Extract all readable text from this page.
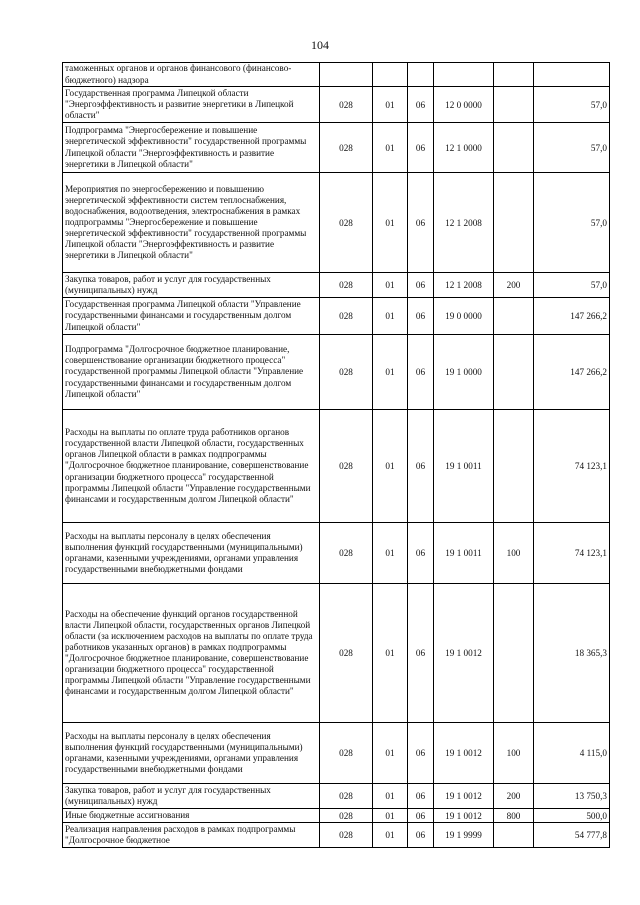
104
таможенных органов и органов финансового (финансово-бюджетного) надзора						
Государственная программа Липецкой области "Энергоэффективность и развитие энергетики в Липецкой области"	028	01	06	12 0 0000		57,0
Подпрограмма "Энергосбережение и повышение энергетической эффективности" государственной программы Липецкой области "Энергоэффективность и развитие энергетики в Липецкой области"	028	01	06	12 1 0000		57,0
Мероприятия по энергосбережению и повышению энергетической эффективности систем теплоснабжения, водоснабжения, водоотведения, электроснабжения в рамках подпрограммы "Энергосбережение и повышение энергетической эффективности" государственной программы Липецкой области "Энергоэффективность и развитие энергетики в Липецкой области"	028	01	06	12 1 2008		57,0
Закупка товаров, работ и услуг для государственных (муниципальных) нужд	028	01	06	12 1 2008	200	57,0
Государственная программа Липецкой области "Управление государственными финансами и государственным долгом Липецкой области"	028	01	06	19 0 0000		147 266,2
Подпрограмма "Долгосрочное бюджетное планирование, совершенствование организации бюджетного процесса" государственной программы Липецкой области "Управление государственными финансами и государственным долгом Липецкой области"	028	01	06	19 1 0000		147 266,2
Расходы на выплаты по оплате труда работников органов государственной власти Липецкой области, государственных органов Липецкой области в рамках подпрограммы "Долгосрочное бюджетное планирование, совершенствование организации бюджетного процесса" государственной программы Липецкой области "Управление государственными финансами и государственным долгом Липецкой области"	028	01	06	19 1 0011		74 123,1
Расходы на выплаты персоналу в целях обеспечения выполнения функций государственными (муниципальными) органами, казенными учреждениями, органами управления государственными внебюджетными фондами	028	01	06	19 1 0011	100	74 123,1
Расходы на обеспечение функций органов государственной власти Липецкой области, государственных органов Липецкой области (за исключением расходов на выплаты по оплате труда работников указанных органов) в рамках подпрограммы "Долгосрочное бюджетное планирование, совершенствование организации бюджетного процесса" государственной программы Липецкой области "Управление государственными финансами и государственным долгом Липецкой области"	028	01	06	19 1 0012		18 365,3
Расходы на выплаты персоналу в целях обеспечения выполнения функций государственными (муниципальными) органами, казенными учреждениями, органами управления государственными внебюджетными фондами	028	01	06	19 1 0012	100	4 115,0
Закупка товаров, работ и услуг для государственных (муниципальных) нужд	028	01	06	19 1 0012	200	13 750,3
Иные бюджетные ассигнования	028	01	06	19 1 0012	800	500,0
Реализация направления расходов в рамках подпрограммы "Долгосрочное бюджетное	028	01	06	19 1 9999		54 777,8
